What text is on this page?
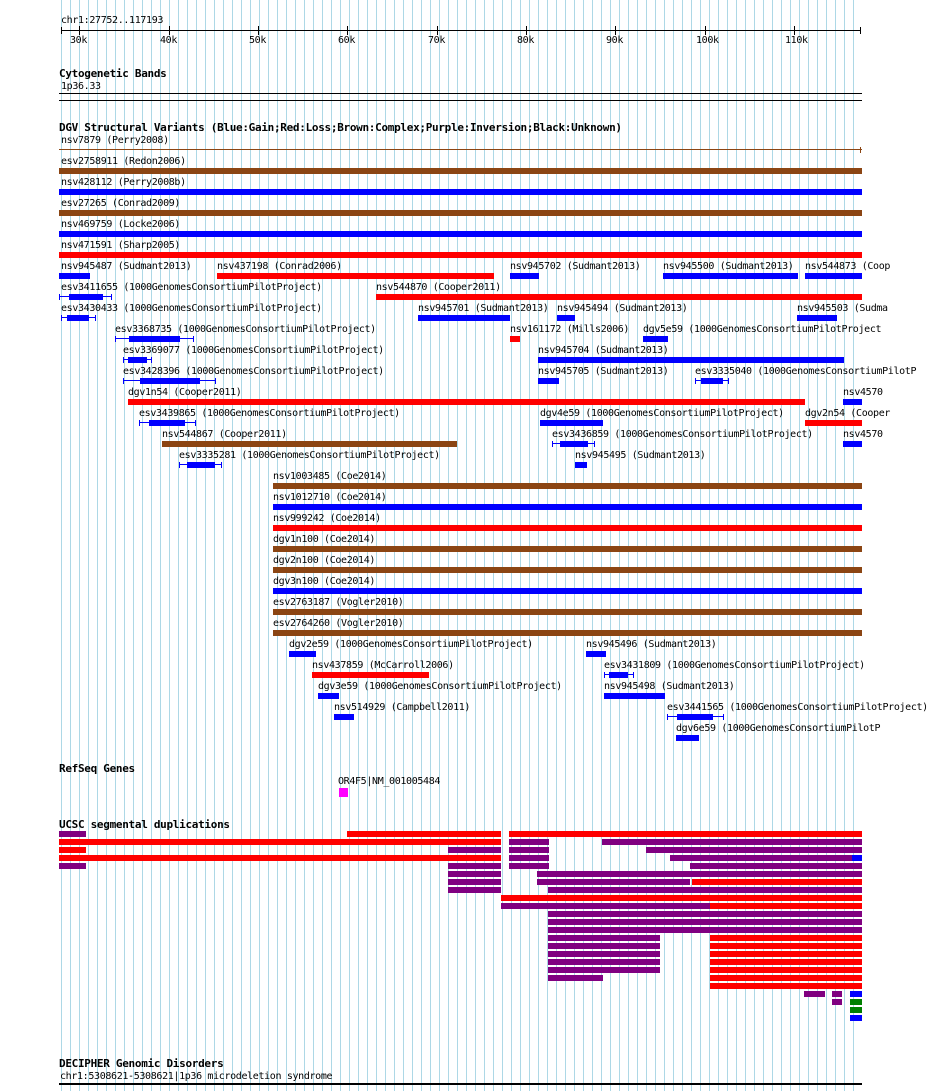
chr1:27752..117193
30k	40k	50k	60k	70k	80k	90k	100k	110k
Cytogenetic Bands
1p36.33
DGV Structural Variants (Blue:Gain;Red:Loss;Brown:Complex;Purple:Inversion;Black:Unknown)
nsv7879 (Perry2008)
esv2758911 (Redon2006)
nsv428112 (Perry2008b)
esv27265 (Conrad2009)
nsv469759 (Locke2006)
nsv471591 (Sharp2005)
nsv945487 (Sudmant2013)	nsv437198 (Conrad2006)	nsv945702 (Sudmant2013) nsv945500 (Sudmant2013) nsv544873 (Coop
esv3411655 (1000GenomesConsortiumPilotProject)	nsv544870 (Cooper2011)
esv3430433 (1000GenomesConsortiumPilotProject)	nsv945701 (Sudmant2013) nsv945494 (Sudmant2013)	nsv945503 (Sudma
esv3368735 (1000GenomesConsortiumPilotProject)	nsv161172 (Mills2006) dgv5e59 (1000GenomesConsortiumPilotProject
esv3369077 (1000GenomesConsortiumPilotProject)	nsv945704 (Sudmant2013)
esv3428396 (1000GenomesConsortiumPilotProject)	nsv945705 (Sudmant2013)	esv3335040 (1000GenomesConsortiumPilotP
dgv1n54 (Cooper2011)	nsv4570
esv3439865 (1000GenomesConsortiumPilotProject)	dgv4e59 (1000GenomesConsortiumPilotProject) dgv2n54 (Cooper
nsv544867 (Cooper2011)	esv3436859 (1000GenomesConsortiumPilotProject)	nsv4570
esv3335281 (1000GenomesConsortiumPilotProject)	nsv945495 (Sudmant2013)
nsv1003485 (Coe2014)
nsv1012710 (Coe2014)
nsv999242 (Coe2014)
dgv1n100 (Coe2014)
dgv2n100 (Coe2014)
dgv3n100 (Coe2014)
esv2763187 (Vogler2010)
esv2764260 (Vogler2010)
dgv2e59 (1000GenomesConsortiumPilotProject)	nsv945496 (Sudmant2013)
nsv437859 (McCarroll2006)	esv3431809 (1000GenomesConsortiumPilotProject)
dgv3e59 (1000GenomesConsortiumPilotProject)	nsv945498 (Sudmant2013)
nsv514929 (Campbell2011)	esv3441565 (1000GenomesConsortiumPilotProject)
dgv6e59 (1000GenomesConsortiumPilotP
RefSeq Genes
OR4F5|NM_001005484
UCSC segmental duplications
DECIPHER Genomic Disorders
chr1:5308621-5308621|1p36 microdeletion syndrome
